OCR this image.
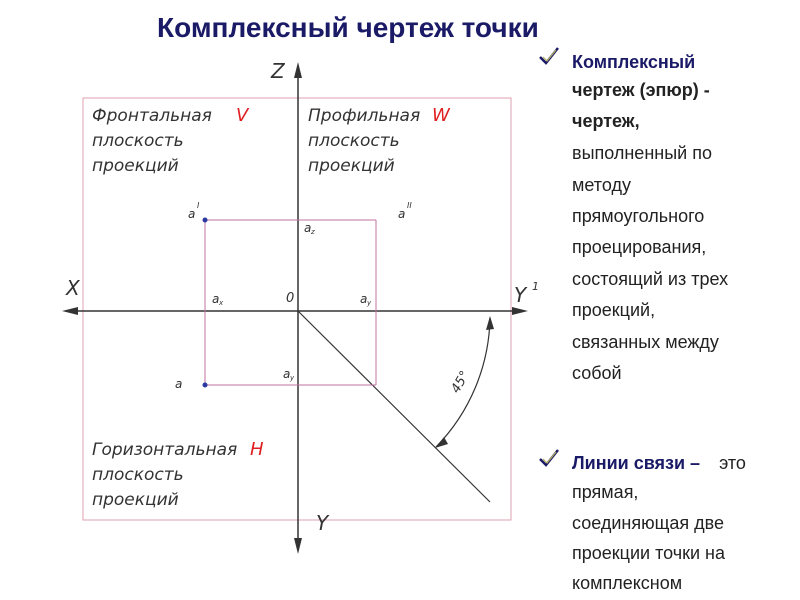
Комплексный чертеж точки
Z
X	Y 1
Y
0
Фронтальная
плоскость
проекций
Профильная
плоскость
проекций
Горизонтальная
плоскость
проекций
V	W
H
a
I
a
II
a
a z
a x	a y
a y	45°
Комплексный
чертеж (эпюр) -
чертеж,
выполненный по
методу
прямоугольного
проецирования,
состоящий из трех
проекций,
связанных между
собой
Линии связи – это
прямая,
соединяющая две
проекции точки на
комплексном
